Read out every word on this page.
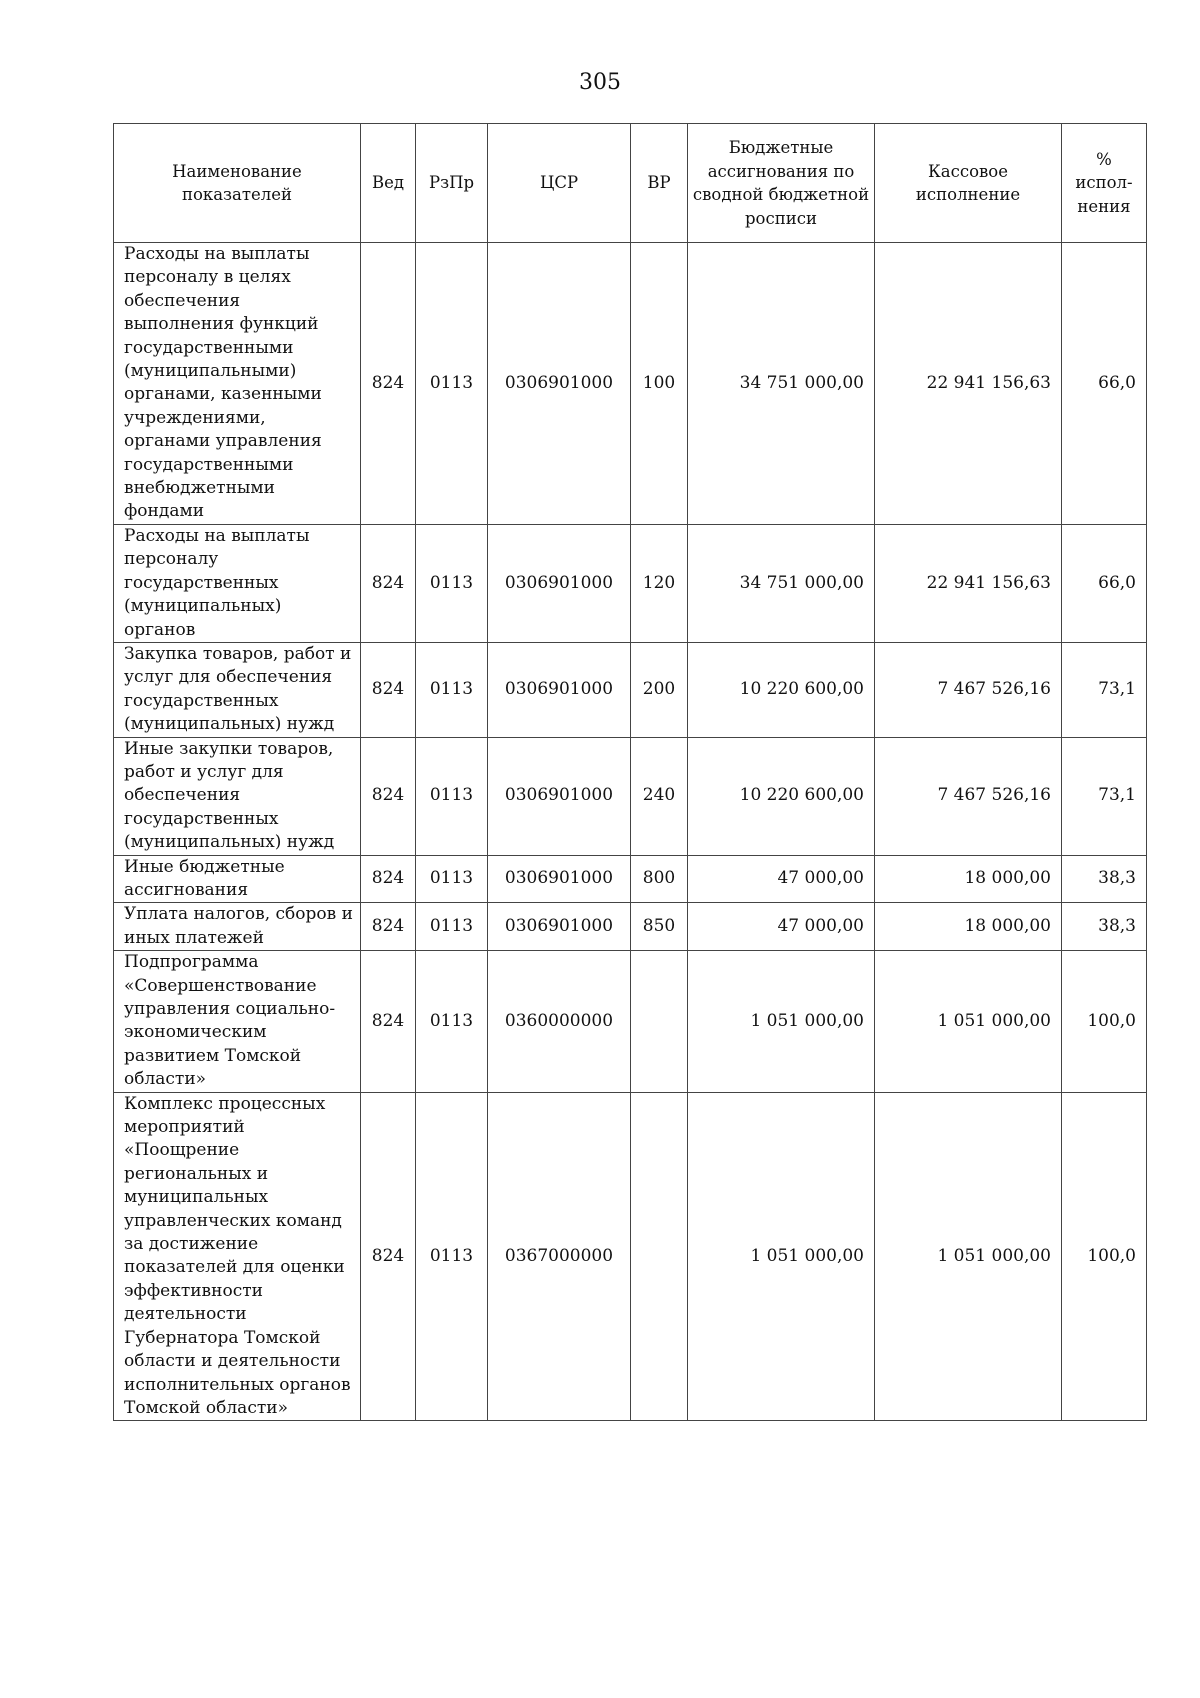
305
Наименование показателей	Вед	РзПр	ЦСР	ВР	Бюджетные ассигнования по сводной бюджетной росписи	Кассовое исполнение	% испол-нения
Расходы на выплаты персоналу в целях обеспечения выполнения функций государственными (муниципальными) органами, казенными учреждениями, органами управления государственными внебюджетными фондами	824	0113	0306901000	100	34 751 000,00	22 941 156,63	66,0
Расходы на выплаты персоналу государственных (муниципальных) органов	824	0113	0306901000	120	34 751 000,00	22 941 156,63	66,0
Закупка товаров, работ и услуг для обеспечения государственных (муниципальных) нужд	824	0113	0306901000	200	10 220 600,00	7 467 526,16	73,1
Иные закупки товаров, работ и услуг для обеспечения государственных (муниципальных) нужд	824	0113	0306901000	240	10 220 600,00	7 467 526,16	73,1
Иные бюджетные ассигнования	824	0113	0306901000	800	47 000,00	18 000,00	38,3
Уплата налогов, сборов и иных платежей	824	0113	0306901000	850	47 000,00	18 000,00	38,3
Подпрограмма «Совершенствование управления социально-экономическим развитием Томской области»	824	0113	0360000000		1 051 000,00	1 051 000,00	100,0
Комплекс процессных мероприятий «Поощрение региональных и муниципальных управленческих команд за достижение показателей для оценки эффективности деятельности Губернатора Томской области и деятельности исполнительных органов Томской области»	824	0113	0367000000		1 051 000,00	1 051 000,00	100,0
